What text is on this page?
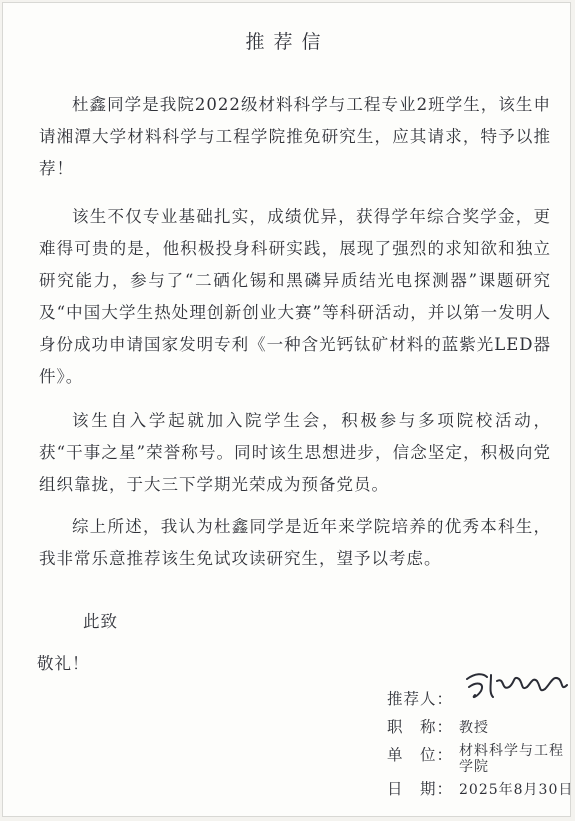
推荐信

杜鑫同学是我院2022级材料科学与工程专业2班学生，该生申请湘潭大学材料科学与工程学院推免研究生，应其请求，特予以推荐！

该生不仅专业基础扎实，成绩优异，获得学年综合奖学金，更难得可贵的是，他积极投身科研实践，展现了强烈的求知欲和独立研究能力，参与了“二硒化锡和黑磷异质结光电探测器”课题研究及“中国大学生热处理创新创业大赛”等科研活动，并以第一发明人身份成功申请国家发明专利《一种含光钙钛矿材料的蓝紫光LED器件》。

该生自入学起就加入院学生会，积极参与多项院校活动，获“干事之星”荣誉称号。同时该生思想进步，信念坚定，积极向党组织靠拢，于大三下学期光荣成为预备党员。

综上所述，我认为杜鑫同学是近年来学院培养的优秀本科生，我非常乐意推荐该生免试攻读研究生，望予以考虑。

此致
敬礼！
推荐人：
职　称： 教授
单　位： 材料科学与工程学院
日　期： 2025年8月30日
